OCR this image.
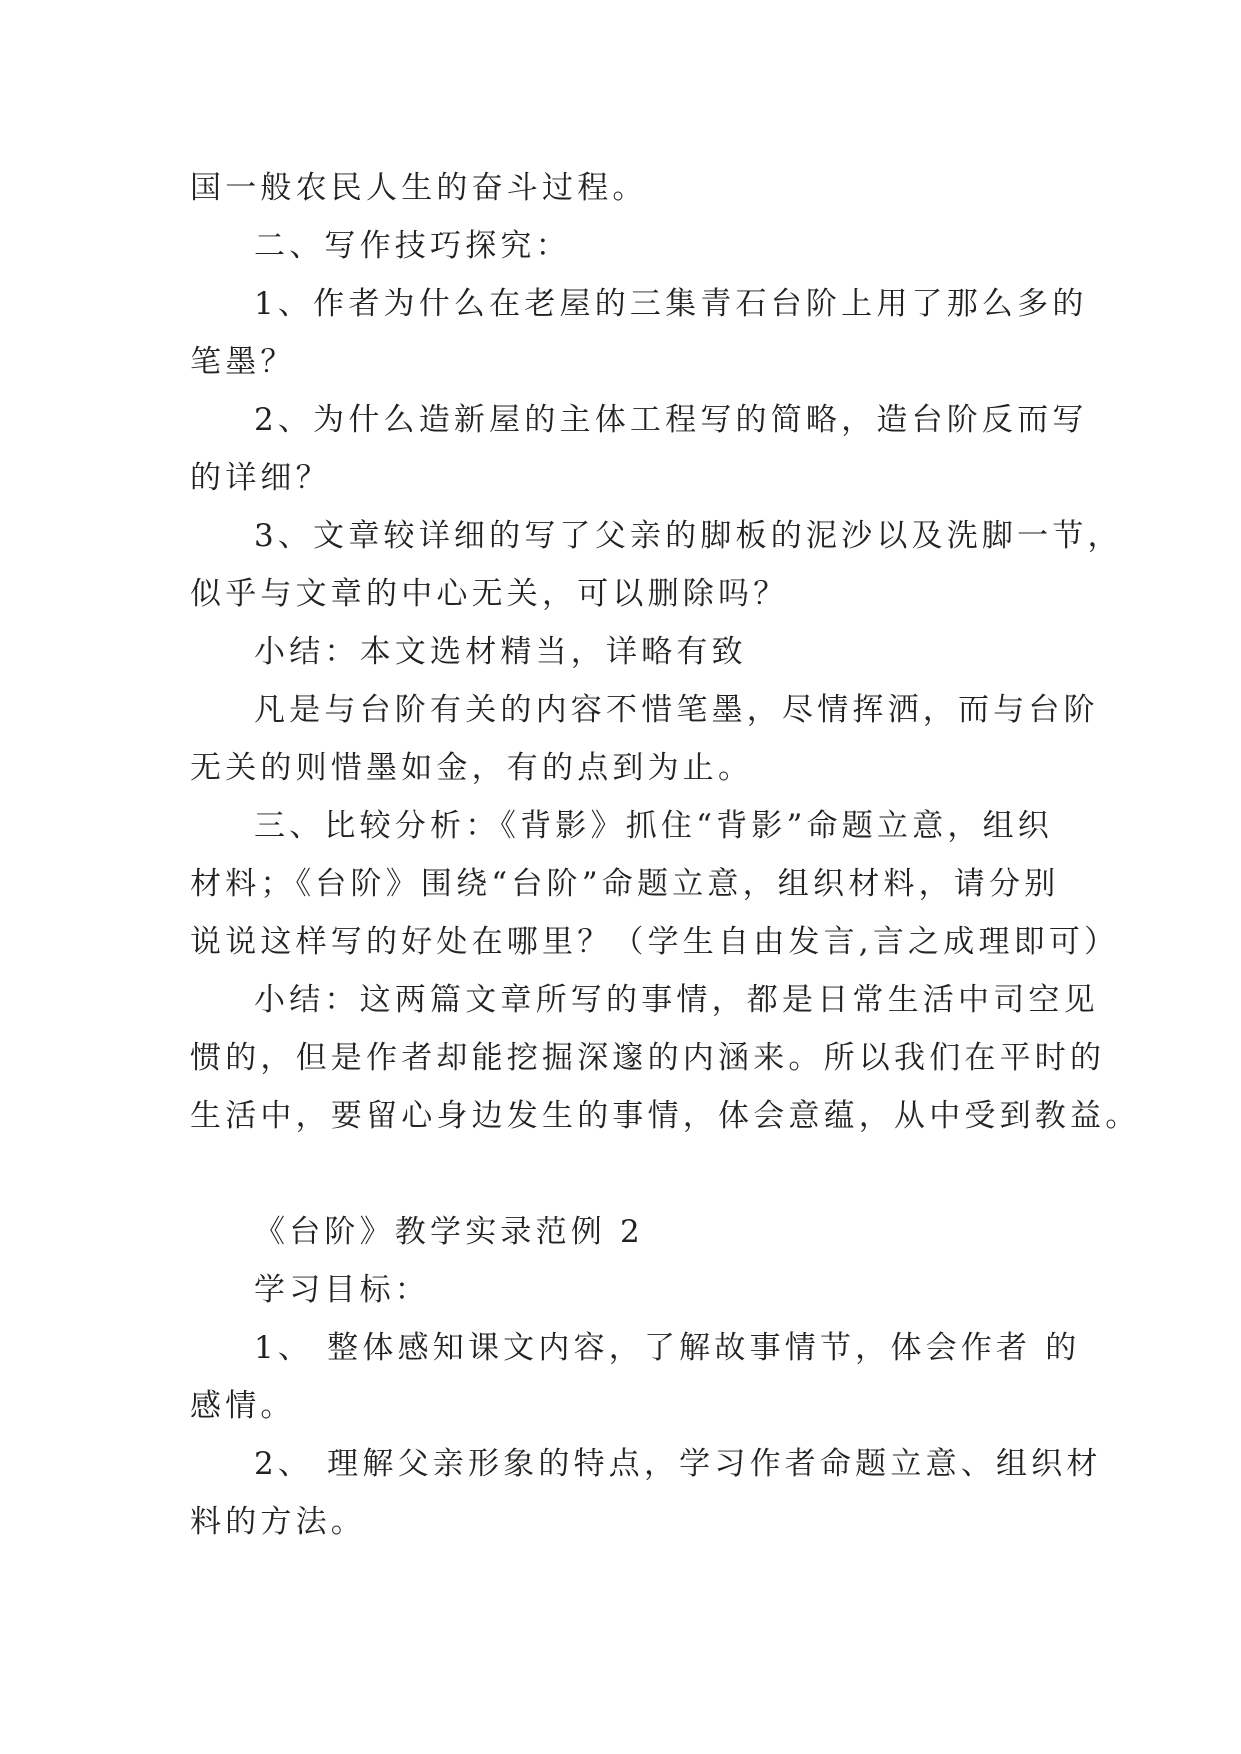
国一般农民人生的奋斗过程。
二、写作技巧探究：
1、作者为什么在老屋的三集青石台阶上用了那么多的
笔墨？
2、为什么造新屋的主体工程写的简略，造台阶反而写
的详细？
3、文章较详细的写了父亲的脚板的泥沙以及洗脚一节，
似乎与文章的中心无关，可以删除吗？
小结：本文选材精当，详略有致
凡是与台阶有关的内容不惜笔墨，尽情挥洒，而与台阶
无关的则惜墨如金，有的点到为止。
三、比较分析：《背影》抓住“背影”命题立意，组织
材料；《台阶》围绕“台阶”命题立意，组织材料，请分别
说说这样写的好处在哪里？（学生自由发言,言之成理即可）
小结：这两篇文章所写的事情，都是日常生活中司空见
惯的，但是作者却能挖掘深邃的内涵来。所以我们在平时的
生活中，要留心身边发生的事情，体会意蕴，从中受到教益。
《台阶》教学实录范例 2
学习目标：
1、 整体感知课文内容，了解故事情节，体会作者 的
感情。
2、 理解父亲形象的特点，学习作者命题立意、组织材
料的方法。
